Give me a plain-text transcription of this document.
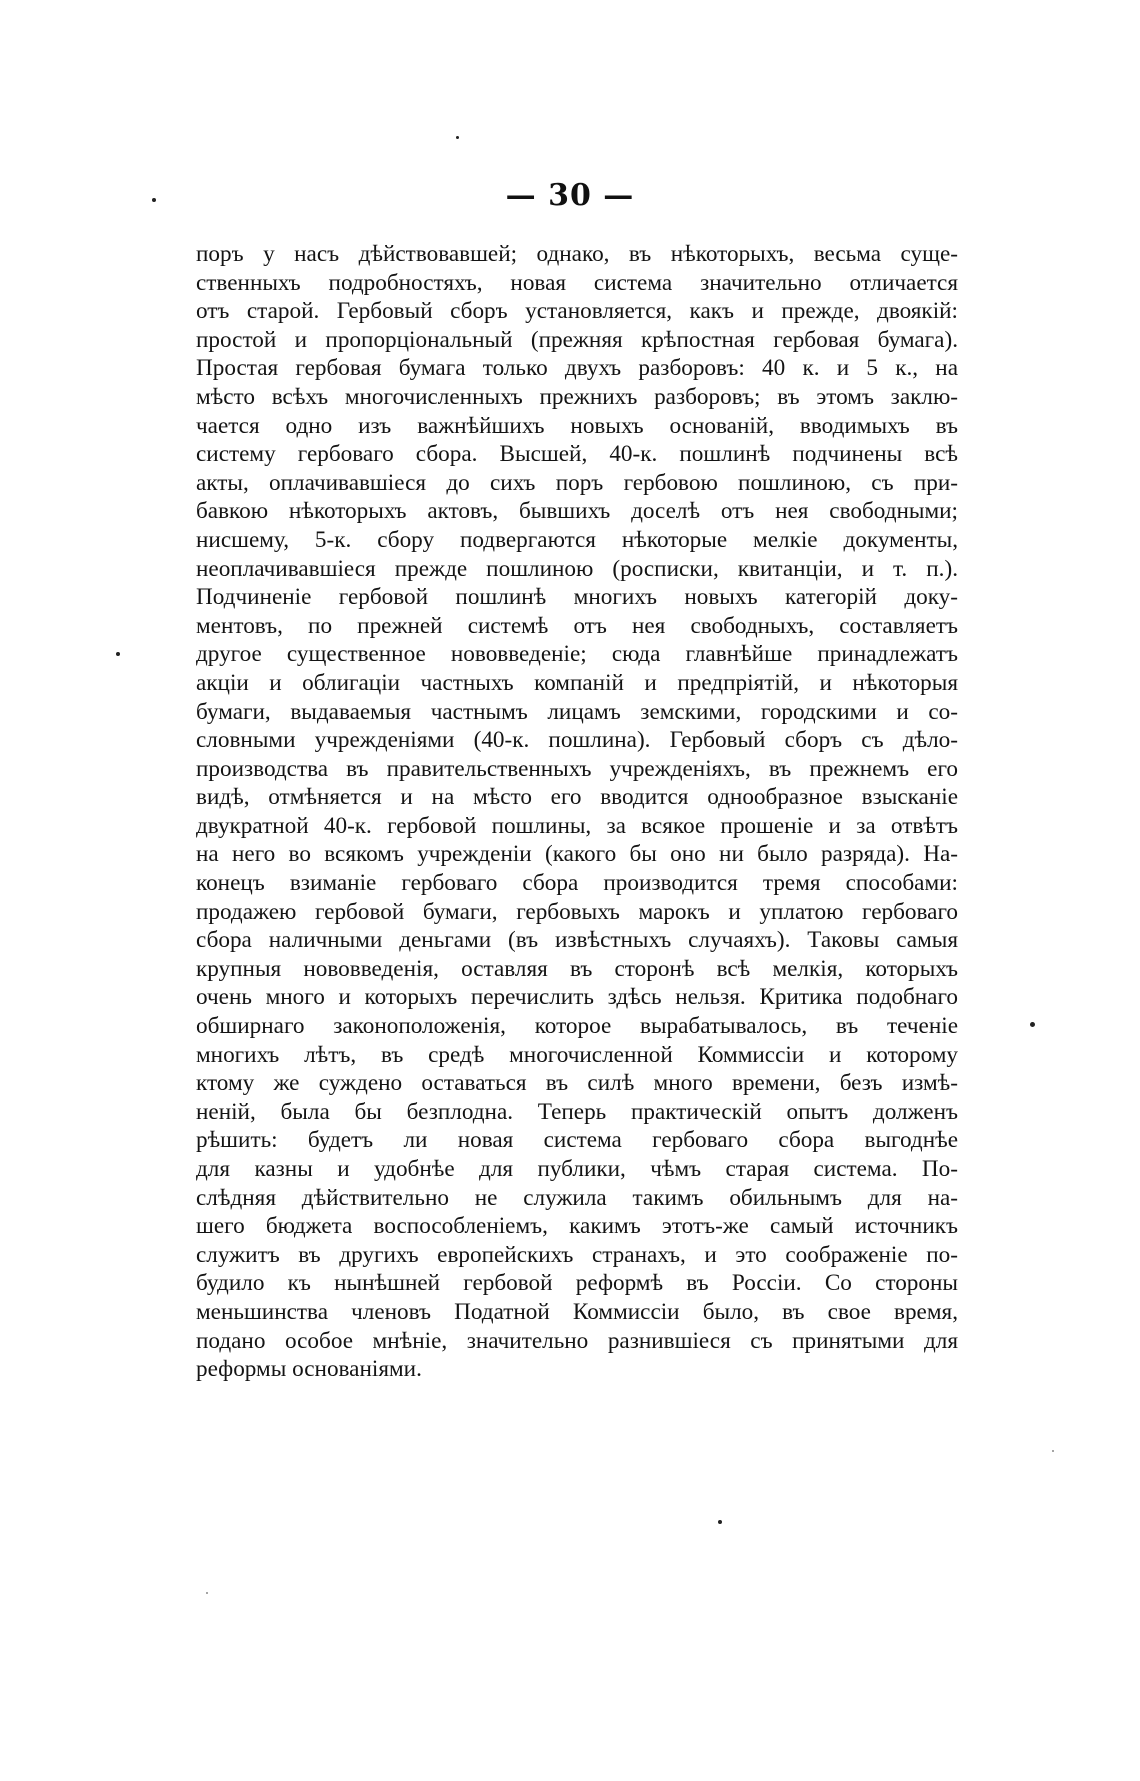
— 30 —
поръ у насъ дѣйствовавшей; однако, въ нѣкоторыхъ, весьма суще-
ственныхъ подробностяхъ, новая система значительно отличается
отъ старой. Гербовый сборъ установляется, какъ и прежде, двоякій:
простой и пропорціональный (прежняя крѣпостная гербовая бумага).
Простая гербовая бумага только двухъ разборовъ: 40 к. и 5 к., на
мѣсто всѣхъ многочисленныхъ прежнихъ разборовъ; въ этомъ заклю-
чается одно изъ важнѣйшихъ новыхъ основаній, вводимыхъ въ
систему гербоваго сбора. Высшей, 40-к. пошлинѣ подчинены всѣ
акты, оплачивавшіеся до сихъ поръ гербовою пошлиною, съ при-
бавкою нѣкоторыхъ актовъ, бывшихъ доселѣ отъ нея свободными;
нисшему, 5-к. сбору подвергаются нѣкоторые мелкіе документы,
неоплачивавшіеся прежде пошлиною (росписки, квитанціи, и т. п.).
Подчиненіе гербовой пошлинѣ многихъ новыхъ категорій доку-
ментовъ, по прежней системѣ отъ нея свободныхъ, составляетъ
другое существенное нововведеніе; сюда главнѣйше принадлежатъ
акціи и облигаціи частныхъ компаній и предпріятій, и нѣкоторыя
бумаги, выдаваемыя частнымъ лицамъ земскими, городскими и со-
словными учрежденіями (40-к. пошлина). Гербовый сборъ съ дѣло-
производства въ правительственныхъ учрежденіяхъ, въ прежнемъ его
видѣ, отмѣняется и на мѣсто его вводится однообразное взысканіе
двукратной 40-к. гербовой пошлины, за всякое прошеніе и за отвѣтъ
на него во всякомъ учрежденіи (какого бы оно ни было разряда). На-
конецъ взиманіе гербоваго сбора производится тремя способами:
продажею гербовой бумаги, гербовыхъ марокъ и уплатою гербоваго
сбора наличными деньгами (въ извѣстныхъ случаяхъ). Таковы самыя
крупныя нововведенія, оставляя въ сторонѣ всѣ мелкія, которыхъ
очень много и которыхъ перечислить здѣсь нельзя. Критика подобнаго
обширнаго законоположенія, которое вырабатывалось, въ теченіе
многихъ лѣтъ, въ средѣ многочисленной Коммиссіи и которому
ктому же суждено оставаться въ силѣ много времени, безъ измѣ-
неній, была бы безплодна. Теперь практическій опытъ долженъ
рѣшить: будетъ ли новая система гербоваго сбора выгоднѣе
для казны и удобнѣе для публики, чѣмъ старая система. По-
слѣдняя дѣйствительно не служила такимъ обильнымъ для на-
шего бюджета воспособленіемъ, какимъ этотъ-же самый источникъ
служитъ въ другихъ европейскихъ странахъ, и это соображеніе по-
будило къ нынѣшней гербовой реформѣ въ Россіи. Со стороны
меньшинства членовъ Податной Коммиссіи было, въ свое время,
подано особое мнѣніе, значительно разнившіеся съ принятыми для
реформы основаніями.
